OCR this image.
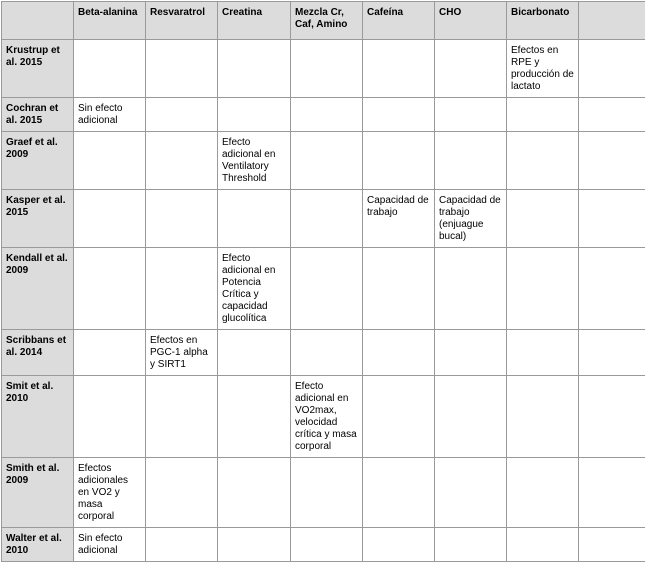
	Beta-alanina	Resvaratrol	Creatina	Mezcla Cr, Caf, Amino	Cafeína	CHO	Bicarbonato	
Krustrup et al. 2015							Efectos en RPE y producción de lactato	
Cochran et al. 2015	Sin efecto adicional							
Graef et al. 2009			Efecto adicional en Ventilatory Threshold					
Kasper et al. 2015					Capacidad de trabajo	Capacidad de trabajo (enjuague bucal)		
Kendall et al. 2009			Efecto adicional en Potencia Crítica y capacidad glucolítica					
Scribbans et al. 2014		Efectos en PGC-1 alpha y SIRT1						
Smit et al. 2010				Efecto adicional en VO2max, velocidad crítica y masa corporal				
Smith et al. 2009	Efectos adicionales en VO2 y masa corporal							
Walter et al. 2010	Sin efecto adicional							
